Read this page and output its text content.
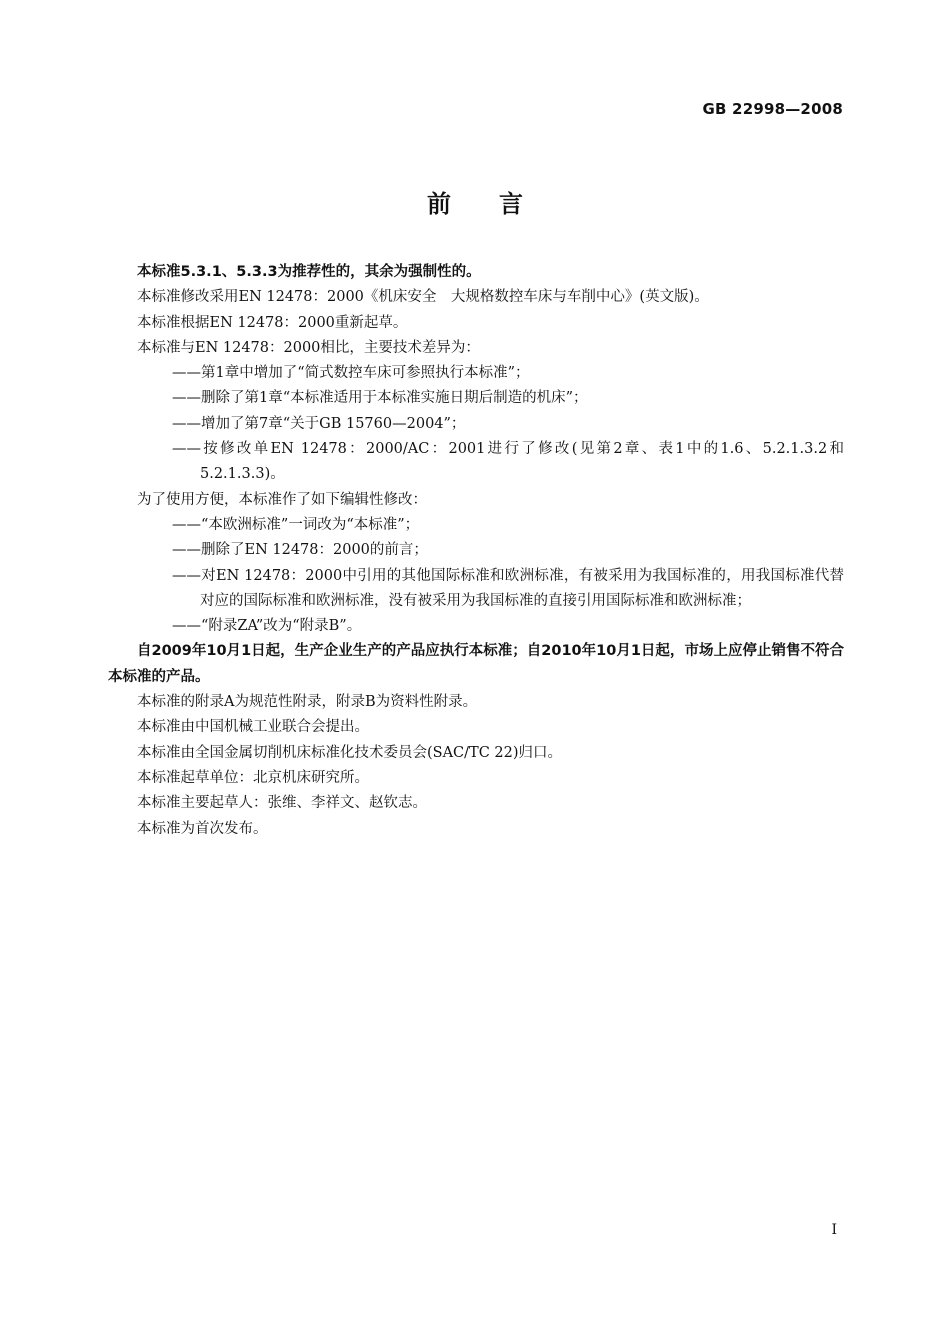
GB 22998—2008
前言

本标准5.3.1、5.3.3为推荐性的，其余为强制性的。

本标准修改采用EN 12478：2000《机床安全　大规格数控车床与车削中心》(英文版)。

本标准根据EN 12478：2000重新起草。

本标准与EN 12478：2000相比，主要技术差异为：

——第1章中增加了“简式数控车床可参照执行本标准”；

——删除了第1章“本标准适用于本标准实施日期后制造的机床”；

——增加了第7章“关于GB 15760—2004”；

——按修改单EN 12478：2000/AC：2001进行了修改(见第2章、表1中的1.6、5.2.1.3.2和5.2.1.3.3)。

为了使用方便，本标准作了如下编辑性修改：

——“本欧洲标准”一词改为“本标准”；

——删除了EN 12478：2000的前言；

——对EN 12478：2000中引用的其他国际标准和欧洲标准，有被采用为我国标准的，用我国标准代替对应的国际标准和欧洲标准，没有被采用为我国标准的直接引用国际标准和欧洲标准；

——“附录ZA”改为“附录B”。

自2009年10月1日起，生产企业生产的产品应执行本标准；自2010年10月1日起，市场上应停止销售不符合本标准的产品。

本标准的附录A为规范性附录，附录B为资料性附录。

本标准由中国机械工业联合会提出。

本标准由全国金属切削机床标准化技术委员会(SAC/TC 22)归口。

本标准起草单位：北京机床研究所。

本标准主要起草人：张维、李祥文、赵钦志。

本标准为首次发布。

I
